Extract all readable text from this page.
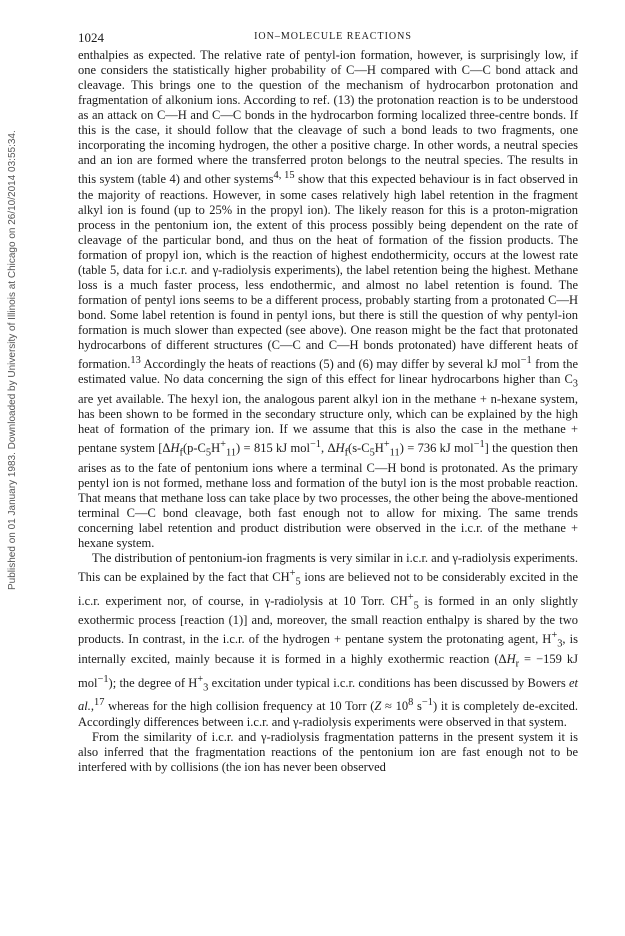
Published on 01 January 1983. Downloaded by University of Illinois at Chicago on 26/10/2014 03:55:34.
1024	ION–MOLECULE REACTIONS

enthalpies as expected. The relative rate of pentyl-ion formation, however, is surprisingly low, if one considers the statistically higher probability of C—H compared with C—C bond attack and cleavage. This brings one to the question of the mechanism of hydrocarbon protonation and fragmentation of alkonium ions. According to ref. (13) the protonation reaction is to be understood as an attack on C—H and C—C bonds in the hydrocarbon forming localized three-centre bonds. If this is the case, it should follow that the cleavage of such a bond leads to two fragments, one incorporating the incoming hydrogen, the other a positive charge. In other words, a neutral species and an ion are formed where the transferred proton belongs to the neutral species. The results in this system (table 4) and other systems$^{4, 15}$ show that this expected behaviour is in fact observed in the majority of reactions. However, in some cases relatively high label retention in the fragment alkyl ion is found (up to 25% in the propyl ion). The likely reason for this is a proton-migration process in the pentonium ion, the extent of this process possibly being dependent on the rate of cleavage of the particular bond, and thus on the heat of formation of the fission products. The formation of propyl ion, which is the reaction of highest endothermicity, occurs at the lowest rate (table 5, data for i.c.r. and γ-radiolysis experiments), the label retention being the highest. Methane loss is a much faster process, less endothermic, and almost no label retention is found. The formation of pentyl ions seems to be a different process, probably starting from a protonated C—H bond. Some label retention is found in pentyl ions, but there is still the question of why pentyl-ion formation is much slower than expected (see above). One reason might be the fact that protonated hydrocarbons of different structures (C—C and C—H bonds protonated) have different heats of formation.$^{13}$ Accordingly the heats of reactions (5) and (6) may differ by several kJ mol$^{-1}$ from the estimated value. No data concerning the sign of this effect for linear hydrocarbons higher than $C_3$ are yet available. The hexyl ion, the analogous parent alkyl ion in the methane + n-hexane system, has been shown to be formed in the secondary structure only, which can be explained by the high heat of formation of the primary ion. If we assume that this is also the case in the methane + pentane system [$\Delta H_f(p-C_5H^+_{11}) = 815$ kJ mol$^{-1}$, $\Delta H_f(s-C_5H^+_{11}) = 736$ kJ mol$^{-1}$] the question then arises as to the fate of pentonium ions where a terminal C—H bond is protonated. As the primary pentyl ion is not formed, methane loss and formation of the butyl ion is the most probable reaction. That means that methane loss can take place by two processes, the other being the above-mentioned terminal C—C bond cleavage, both fast enough not to allow for mixing. The same trends concerning label retention and product distribution were observed in the i.c.r. of the methane + hexane system.

The distribution of pentonium-ion fragments is very similar in i.c.r. and γ-radiolysis experiments. This can be explained by the fact that $CH^+_5$ ions are believed not to be considerably excited in the i.c.r. experiment nor, of course, in γ-radiolysis at 10 Torr. $CH^+_5$ is formed in an only slightly exothermic process [reaction (1)] and, moreover, the small reaction enthalpy is shared by the two products. In contrast, in the i.c.r. of the hydrogen + pentane system the protonating agent, $H^+_3$, is internally excited, mainly because it is formed in a highly exothermic reaction ($\Delta H_r = -159$ kJ mol$^{-1}$); the degree of $H^+_3$ excitation under typical i.c.r. conditions has been discussed by Bowers et al.,$^{17}$ whereas for the high collision frequency at 10 Torr ($Z \approx 10^8$ $s^{-1}$) it is completely de-excited. Accordingly differences between i.c.r. and γ-radiolysis experiments were observed in that system.

From the similarity of i.c.r. and γ-radiolysis fragmentation patterns in the present system it is also inferred that the fragmentation reactions of the pentonium ion are fast enough not to be interfered with by collisions (the ion has never been observed
